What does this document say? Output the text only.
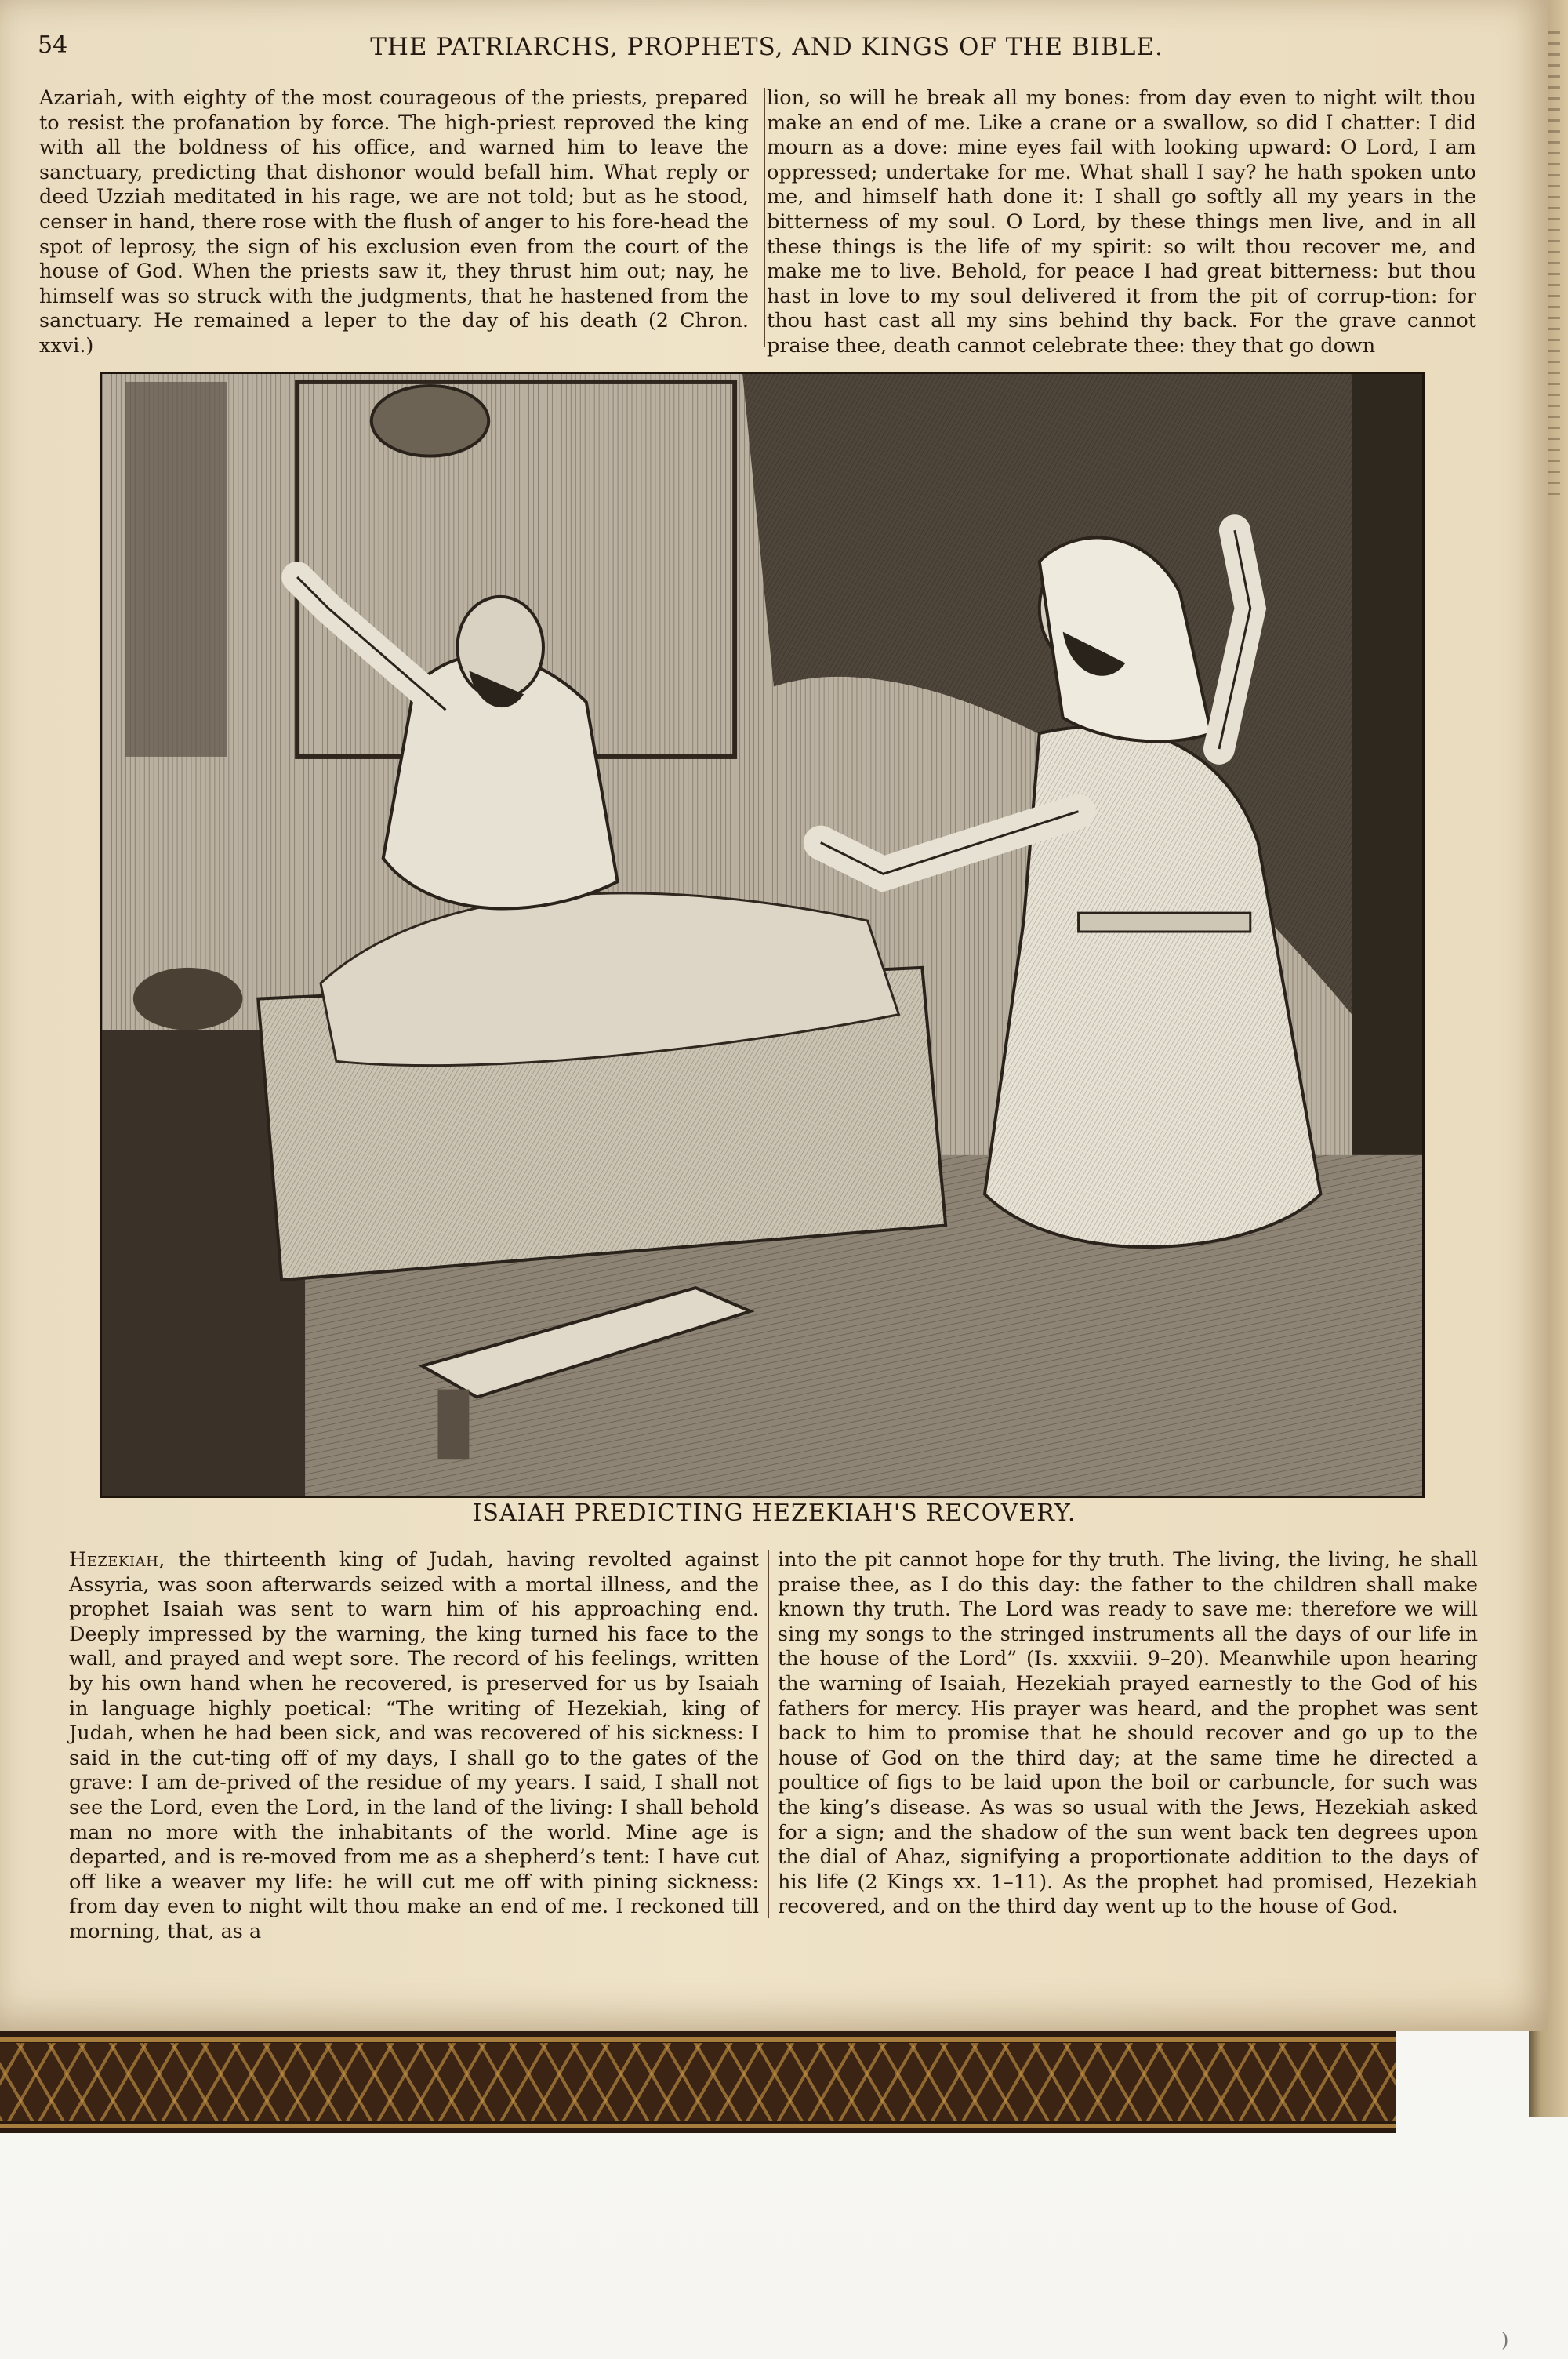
54	THE PATRIARCHS, PROPHETS, AND KINGS OF THE BIBLE.
Azariah, with eighty of the most courageous of the priests, prepared to resist the profanation by force. The high-priest reproved the king with all the boldness of his office, and warned him to leave the sanctuary, predicting that dishonor would befall him. What reply or deed Uzziah meditated in his rage, we are not told; but as he stood, censer in hand, there rose with the flush of anger to his fore-head the spot of leprosy, the sign of his exclusion even from the court of the house of God. When the priests saw it, they thrust him out; nay, he himself was so struck with the judgments, that he hastened from the sanctuary. He remained a leper to the day of his death (2 Chron. xxvi.)
lion, so will he break all my bones: from day even to night wilt thou make an end of me. Like a crane or a swallow, so did I chatter: I did mourn as a dove: mine eyes fail with looking upward: O Lord, I am oppressed; undertake for me. What shall I say? he hath spoken unto me, and himself hath done it: I shall go softly all my years in the bitterness of my soul. O Lord, by these things men live, and in all these things is the life of my spirit: so wilt thou recover me, and make me to live. Behold, for peace I had great bitterness: but thou hast in love to my soul delivered it from the pit of corrup-tion: for thou hast cast all my sins behind thy back. For the grave cannot praise thee, death cannot celebrate thee: they that go down
ISAIAH PREDICTING HEZEKIAH'S RECOVERY.
Hezekiah, the thirteenth king of Judah, having revolted against Assyria, was soon afterwards seized with a mortal illness, and the prophet Isaiah was sent to warn him of his approaching end. Deeply impressed by the warning, the king turned his face to the wall, and prayed and wept sore. The record of his feelings, written by his own hand when he recovered, is preserved for us by Isaiah in language highly poetical: “The writing of Hezekiah, king of Judah, when he had been sick, and was recovered of his sickness: I said in the cut-ting off of my days, I shall go to the gates of the grave: I am de-prived of the residue of my years. I said, I shall not see the Lord, even the Lord, in the land of the living: I shall behold man no more with the inhabitants of the world. Mine age is departed, and is re-moved from me as a shepherd’s tent: I have cut off like a weaver my life: he will cut me off with pining sickness: from day even to night wilt thou make an end of me. I reckoned till morning, that, as a
into the pit cannot hope for thy truth. The living, the living, he shall praise thee, as I do this day: the father to the children shall make known thy truth. The Lord was ready to save me: therefore we will sing my songs to the stringed instruments all the days of our life in the house of the Lord” (Is. xxxviii. 9–20). Meanwhile upon hearing the warning of Isaiah, Hezekiah prayed earnestly to the God of his fathers for mercy. His prayer was heard, and the prophet was sent back to him to promise that he should recover and go up to the house of God on the third day; at the same time he directed a poultice of figs to be laid upon the boil or carbuncle, for such was the king’s disease. As was so usual with the Jews, Hezekiah asked for a sign; and the shadow of the sun went back ten degrees upon the dial of Ahaz, signifying a proportionate addition to the days of his life (2 Kings xx. 1–11). As the prophet had promised, Hezekiah recovered, and on the third day went up to the house of God.
)
